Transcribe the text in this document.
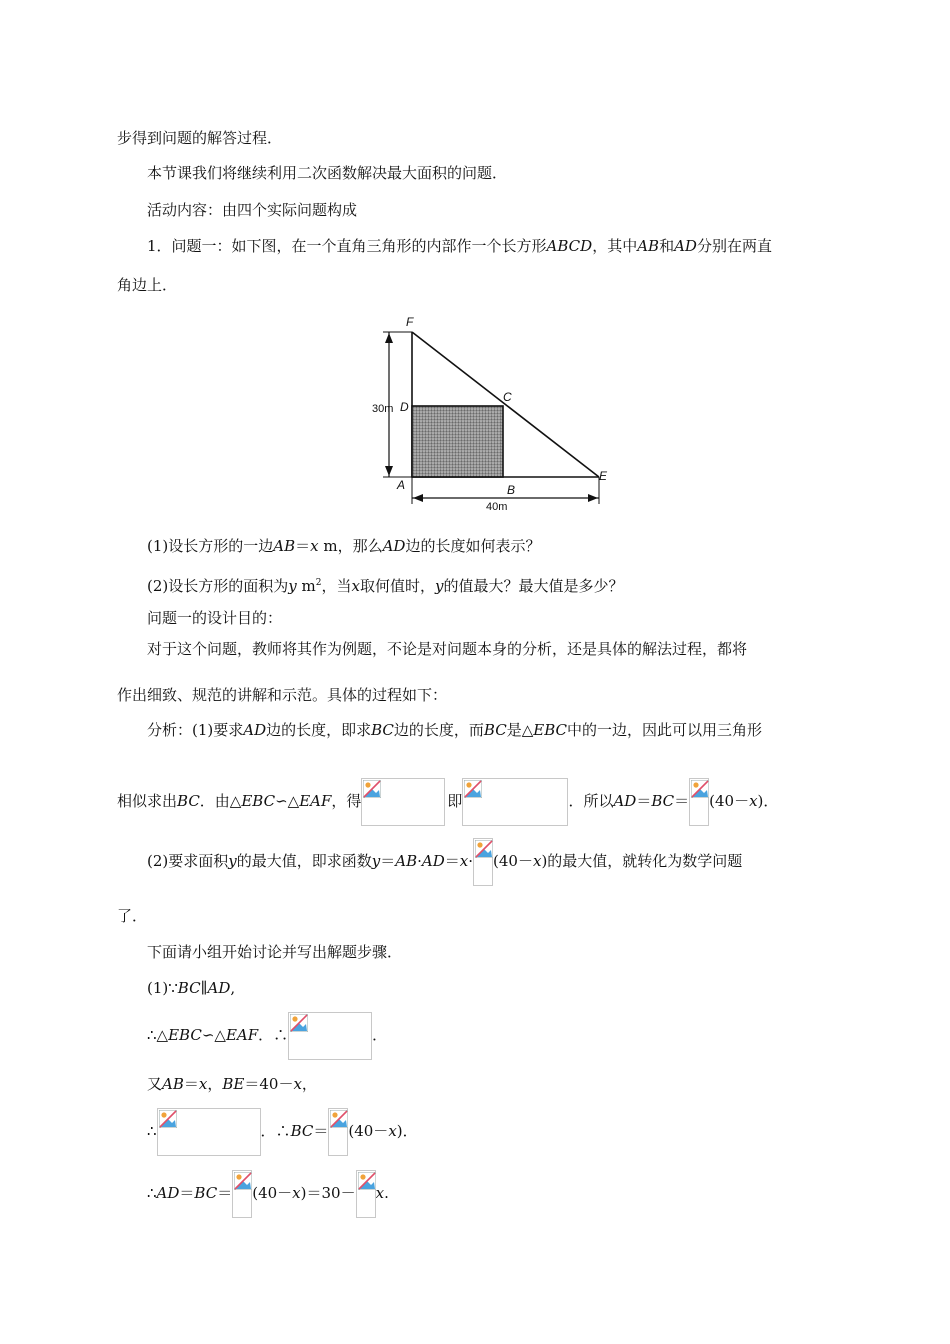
步得到问题的解答过程．
本节课我们将继续利用二次函数解决最大面积的问题．
活动内容：由四个实际问题构成
1．问题一：如下图，在一个直角三角形的内部作一个长方形ABCD，其中AB和AD分别在两直
角边上．
F
D
C
A	B
E
30m
40m
(1)设长方形的一边AB＝x m，那么AD边的长度如何表示？
(2)设长方形的面积为y $m^2$，当x取何值时，y的值最大？最大值是多少？
问题一的设计目的：
对于这个问题，教师将其作为例题，不论是对问题本身的分析，还是具体的解法过程，都将
作出细致、规范的讲解和示范。具体的过程如下：
分析：(1)要求AD边的长度，即求BC边的长度，而BC是△EBC中的一边，因此可以用三角形
相似求出BC．由△EBC∽△EAF，得	即	．所以AD＝BC＝ (40－x)．
(2)要求面积y的最大值，即求函数y＝AB·AD＝x· (40－x)的最大值，就转化为数学问题
了．
下面请小组开始讨论并写出解题步骤．
(1)∵BC∥AD,
∴△EBC∽△EAF．∴	．
又AB＝x，BE＝40－x，
∴	．∴BC＝ (40－x)．
∴AD＝BC＝ (40－x)＝30－ x.
